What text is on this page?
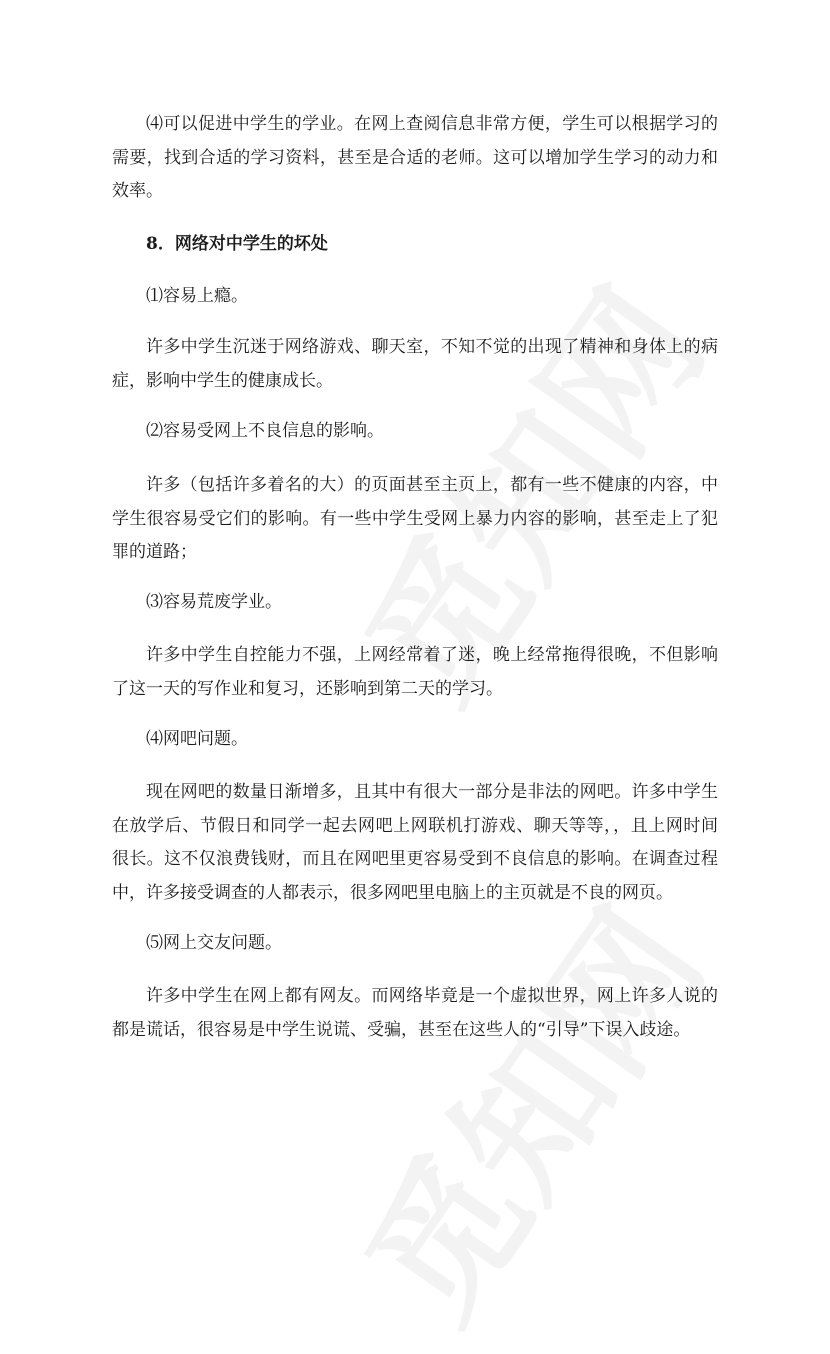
⑷可以促进中学生的学业。在网上查阅信息非常方便，学生可以根据学习的
需要，找到合适的学习资料，甚至是合适的老师。这可以增加学生学习的动力和
效率。
8．网络对中学生的坏处
⑴容易上瘾。
许多中学生沉迷于网络游戏、聊天室，不知不觉的出现了精神和身体上的病
症，影响中学生的健康成长。
⑵容易受网上不良信息的影响。
许多（包括许多着名的大）的页面甚至主页上，都有一些不健康的内容，中
学生很容易受它们的影响。有一些中学生受网上暴力内容的影响，甚至走上了犯
罪的道路；
⑶容易荒废学业。
许多中学生自控能力不强，上网经常着了迷，晚上经常拖得很晚，不但影响
了这一天的写作业和复习，还影响到第二天的学习。
⑷网吧问题。
现在网吧的数量日渐增多，且其中有很大一部分是非法的网吧。许多中学生
在放学后、节假日和同学一起去网吧上网联机打游戏、聊天等等，，且上网时间
很长。这不仅浪费钱财，而且在网吧里更容易受到不良信息的影响。在调查过程
中，许多接受调查的人都表示，很多网吧里电脑上的主页就是不良的网页。
⑸网上交友问题。
许多中学生在网上都有网友。而网络毕竟是一个虚拟世界，网上许多人说的
都是谎话，很容易是中学生说谎、受骗，甚至在这些人的“引导”下误入歧途。
